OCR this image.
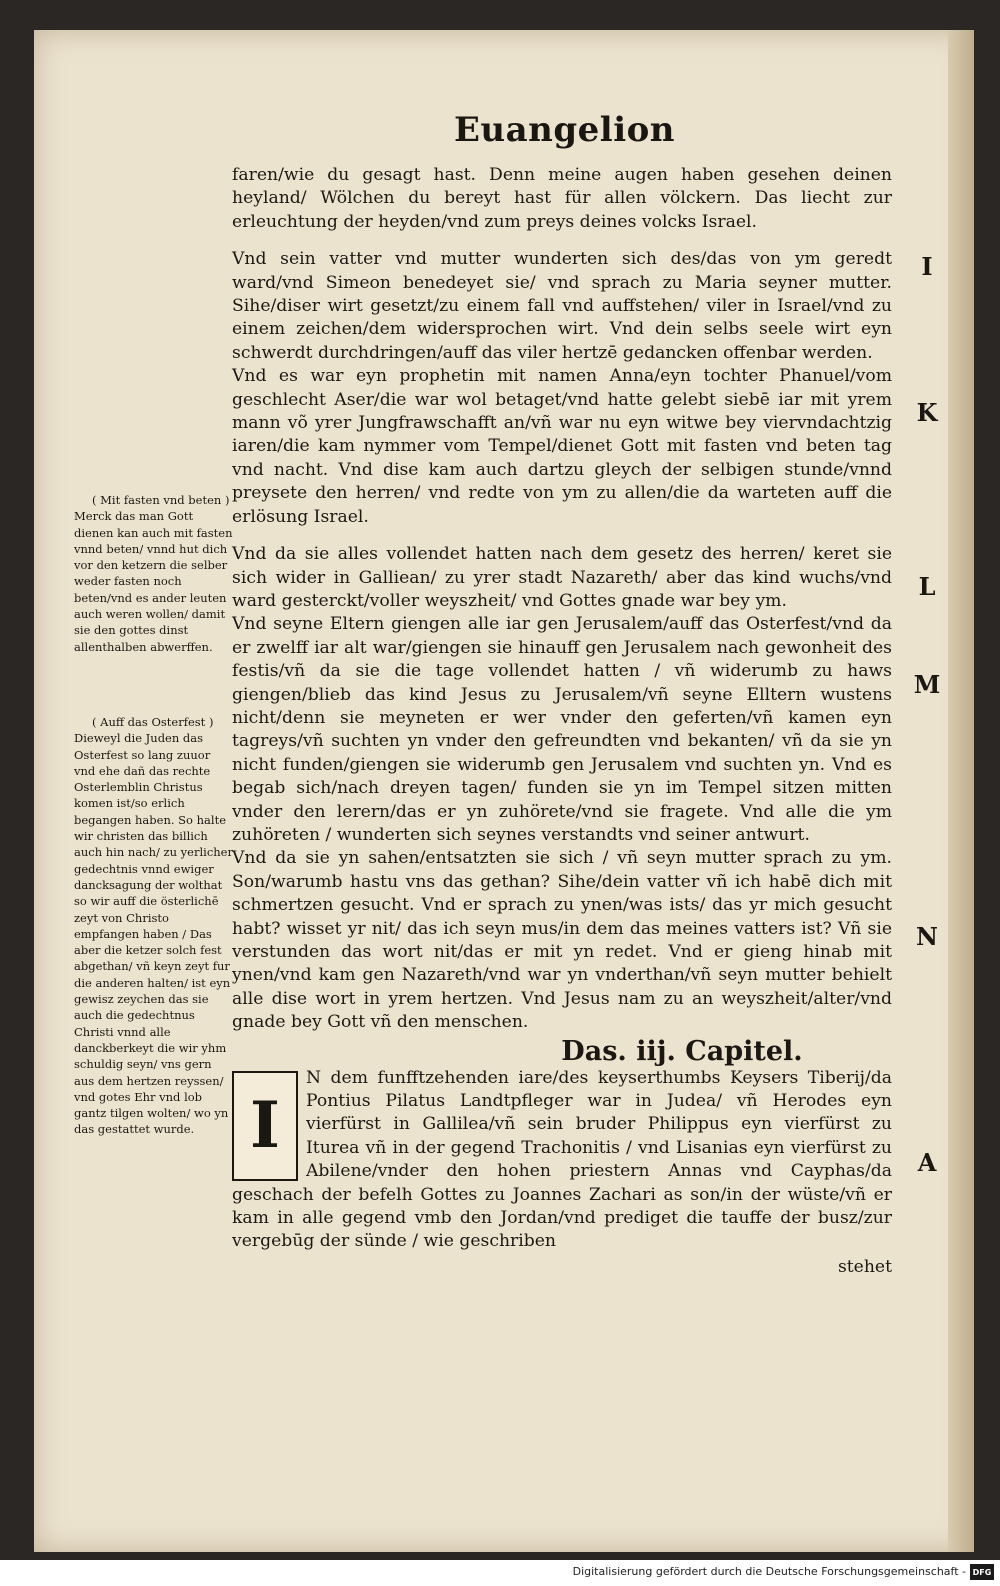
Euangelion

( Mit fasten vnd beten )

Merck das man Gott dienen kan auch mit fasten vnnd beten/ vnnd hut dich vor den ketzern die selber weder fasten noch beten/vnd es ander leuten auch weren wollen/ damit sie den gottes dinst allenthalben abwerffen.

( Auff das Osterfest )

Dieweyl die Juden das Osterfest so lang zuuor vnd ehe dañ das rechte Osterlemblin Christus komen ist/so erlich begangen haben. So halte wir christen das billich auch hin nach/ zu yerlicher gedechtnis vnnd ewiger dancksagung der wolthat so wir auff die österlichē zeyt von Christo empfangen haben / Das aber die ketzer solch fest abgethan/ vñ keyn zeyt fur die anderen halten/ ist eyn gewisz zeychen das sie auch die gedechtnus Christi vnnd alle danckberkeyt die wir yhm schuldig seyn/ vns gern aus dem hertzen reyssen/ vnd gotes Ehr vnd lob gantz tilgen wolten/ wo yn das gestattet wurde.

faren/wie du gesagt hast. Denn meine augen haben gesehen deinen heyland/ Wölchen du bereyt hast für allen völckern. Das liecht zur erleuchtung der heyden/vnd zum preys deines volcks Israel.

Vnd sein vatter vnd mutter wunderten sich des/das von ym geredt ward/vnd Simeon benedeyet sie/ vnd sprach zu Maria seyner mutter. Sihe/diser wirt gesetzt/zu einem fall vnd auffstehen/ viler in Israel/vnd zu einem zeichen/dem widersprochen wirt. Vnd dein selbs seele wirt eyn schwerdt durchdringen/auff das viler hertzē gedancken offenbar werden.

Vnd es war eyn prophetin mit namen Anna/eyn tochter Phanuel/vom geschlecht Aser/die war wol betaget/vnd hatte gelebt siebē iar mit yrem mann võ yrer Jungfrawschafft an/vñ war nu eyn witwe bey viervndachtzig iaren/die kam nymmer vom Tempel/dienet Gott mit fasten vnd beten tag vnd nacht. Vnd dise kam auch dartzu gleych der selbigen stunde/vnnd preysete den herren/ vnd redte von ym zu allen/die da warteten auff die erlösung Israel.

Vnd da sie alles vollendet hatten nach dem gesetz des herren/ keret sie sich wider in Galliean/ zu yrer stadt Nazareth/ aber das kind wuchs/vnd ward gesterckt/voller weyszheit/ vnd Gottes gnade war bey ym.

Vnd seyne Eltern giengen alle iar gen Jerusalem/auff das Osterfest/vnd da er zwelff iar alt war/giengen sie hinauff gen Jerusalem nach gewonheit des festis/vñ da sie die tage vollendet hatten / vñ widerumb zu haws giengen/blieb das kind Jesus zu Jerusalem/vñ seyne Elltern wustens nicht/denn sie meyneten er wer vnder den geferten/vñ kamen eyn tagreys/vñ suchten yn vnder den gefreundten vnd bekanten/ vñ da sie yn nicht funden/giengen sie widerumb gen Jerusalem vnd suchten yn. Vnd es begab sich/nach dreyen tagen/ funden sie yn im Tempel sitzen mitten vnder den lerern/das er yn zuhörete/vnd sie fragete. Vnd alle die ym zuhöreten / wunderten sich seynes verstandts vnd seiner antwurt.

Vnd da sie yn sahen/entsatzten sie sich / vñ seyn mutter sprach zu ym. Son/warumb hastu vns das gethan? Sihe/dein vatter vñ ich habē dich mit schmertzen gesucht. Vnd er sprach zu ynen/was ists/ das yr mich gesucht habt? wisset yr nit/ das ich seyn mus/in dem das meines vatters ist? Vñ sie verstunden das wort nit/das er mit yn redet. Vnd er gieng hinab mit ynen/vnd kam gen Nazareth/vnd war yn vnderthan/vñ seyn mutter behielt alle dise wort in yrem hertzen. Vnd Jesus nam zu an weyszheit/alter/vnd gnade bey Gott vñ den menschen.

Das. iij. Capitel.
I

N dem funfftzehenden iare/des keyserthumbs Keysers Tiberij/da Pontius Pilatus Landtpfleger war in Judea/ vñ Herodes eyn vierfürst in Gallilea/vñ sein bruder Philippus eyn vierfürst zu Iturea vñ in der gegend Trachonitis / vnd Lisanias eyn vierfürst zu Abilene/vnder den hohen priestern Annas vnd Cayphas/da geschach der befelh Gottes zu Joannes Zachari as son/in der wüste/vñ er kam in alle gegend vmb den Jordan/vnd prediget die tauffe der busz/zur vergebūg der sünde / wie geschriben

stehet
I
K
L
M
N
A
Digitalisierung gefördert durch die Deutsche Forschungsgemeinschaft - DFG
